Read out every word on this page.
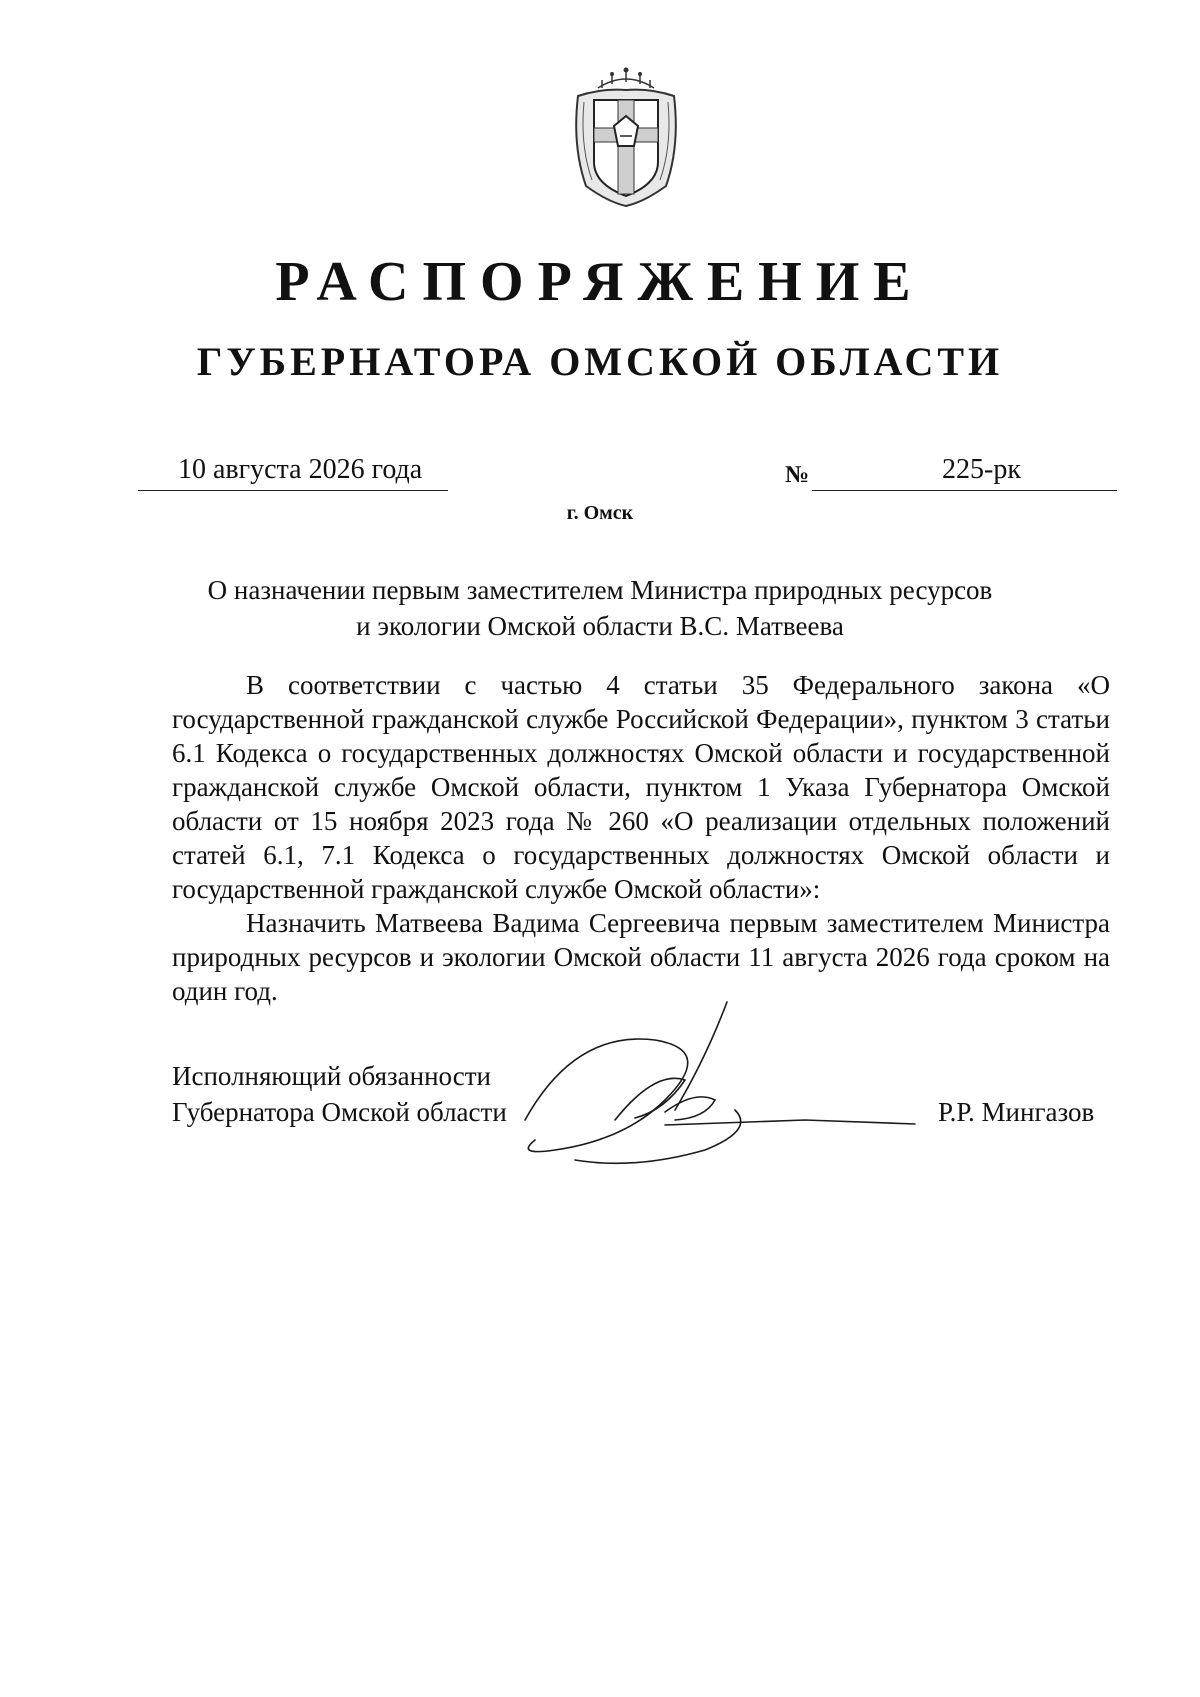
РАСПОРЯЖЕНИЕ
ГУБЕРНАТОРА ОМСКОЙ ОБЛАСТИ
10 августа 2026 года	№	225-рк
г. Омск
О назначении первым заместителем Министра природных ресурсов
и экологии Омской области В.С. Матвеева

В соответствии с частью 4 статьи 35 Федерального закона «О государственной гражданской службе Российской Федерации», пунктом 3 статьи 6.1 Кодекса о государственных должностях Омской области и государственной гражданской службе Омской области, пунктом 1 Указа Губернатора Омской области от 15 ноября 2023 года № 260 «О реализации отдельных положений статей 6.1, 7.1 Кодекса о государственных должностях Омской области и государственной гражданской службе Омской области»:

Назначить Матвеева Вадима Сергеевича первым заместителем Министра природных ресурсов и экологии Омской области 11 августа 2026 года сроком на один год.

Исполняющий обязанности
Губернатора Омской области	Р.Р. Мингазов
